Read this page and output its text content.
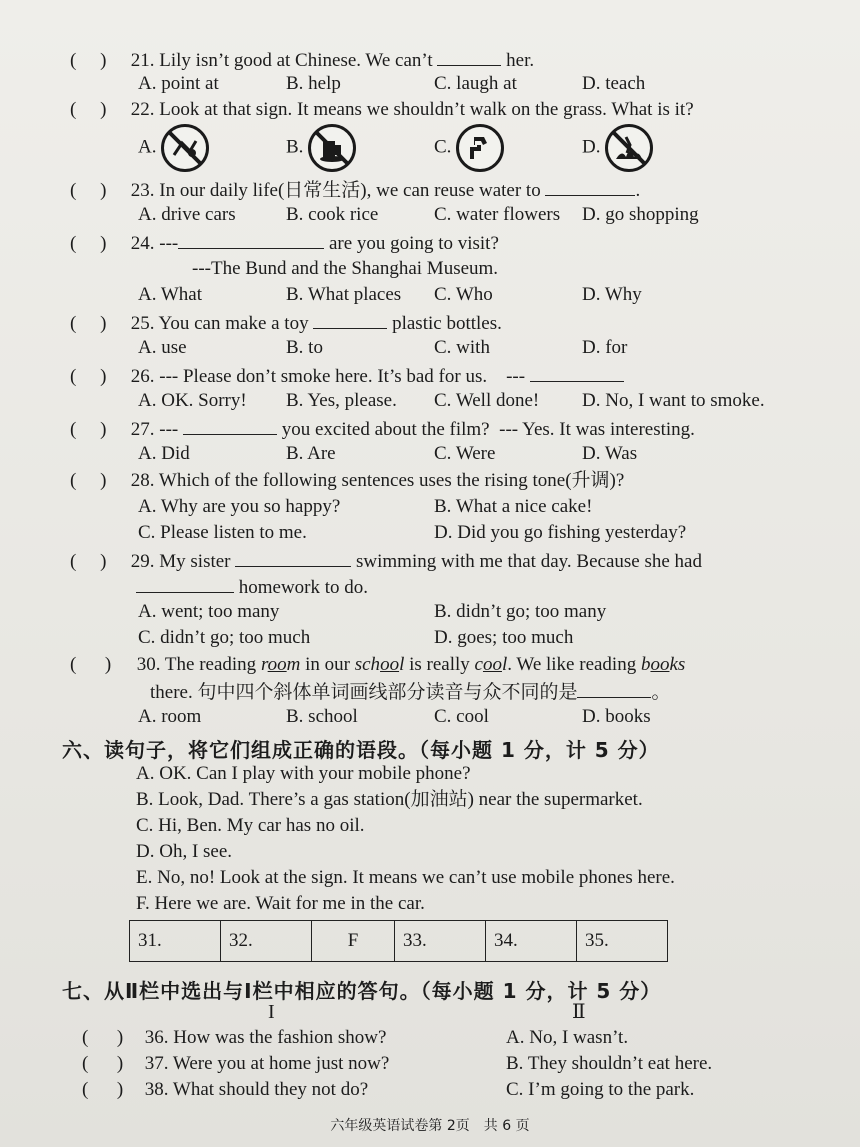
( ) 21. Lily isn’t good at Chinese. We can’t	her.
A. point at	B. help	C. laugh at	D. teach
( ) 22. Look at that sign. It means we shouldn’t walk on the grass. What is it?
A.	B.	C.	D.
( ) 23. In our daily life(日常生活), we can reuse water to	.
A. drive cars	B. cook rice	C. water flowers D. go shopping
( ) 24. ---	are you going to visit?
---The Bund and the Shanghai Museum.
A. What	B. What places C. Who	D. Why
( ) 25. You can make a toy	plastic bottles.
A. use	B. to	C. with	D. for
( ) 26. --- Please don’t smoke here. It’s bad for us. ---
A. OK. Sorry! B. Yes, please. C. Well done! D. No, I want to smoke.
( ) 27. ---	you excited about the film? --- Yes. It was interesting.
A. Did	B. Are	C. Were	D. Was
( ) 28. Which of the following sentences uses the rising tone(升调)?
A. Why are you so happy?	B. What a nice cake!
C. Please listen to me.	D. Did you go fishing yesterday?
( ) 29. My sister	swimming with me that day. Because she had
homework to do.
A. went; too many	B. didn’t go; too many
C. didn’t go; too much	D. goes; too much
( ) 30. The reading room in our school is really cool. We like reading books
there. 句中四个斜体单词画线部分读音与众不同的是	。
A. room	B. school	C. cool	D. books
六、读句子，将它们组成正确的语段。（每小题 1 分，计 5 分）
A. OK. Can I play with your mobile phone?
B. Look, Dad. There’s a gas station(加油站) near the supermarket.
C. Hi, Ben. My car has no oil.
D. Oh, I see.
E. No, no! Look at the sign. It means we can’t use mobile phones here.
F. Here we are. Wait for me in the car.
31.	32.	F	33.	34.	35.
七、从Ⅱ栏中选出与Ⅰ栏中相应的答句。（每小题 1 分，计 5 分）
I	Ⅱ
( ) 36. How was the fashion show?	A. No, I wasn’t.
( ) 37. Were you at home just now?	B. They shouldn’t eat here.
( ) 38. What should they not do?	C. I’m going to the park.
六年级英语试卷第 2页　共 6 页
